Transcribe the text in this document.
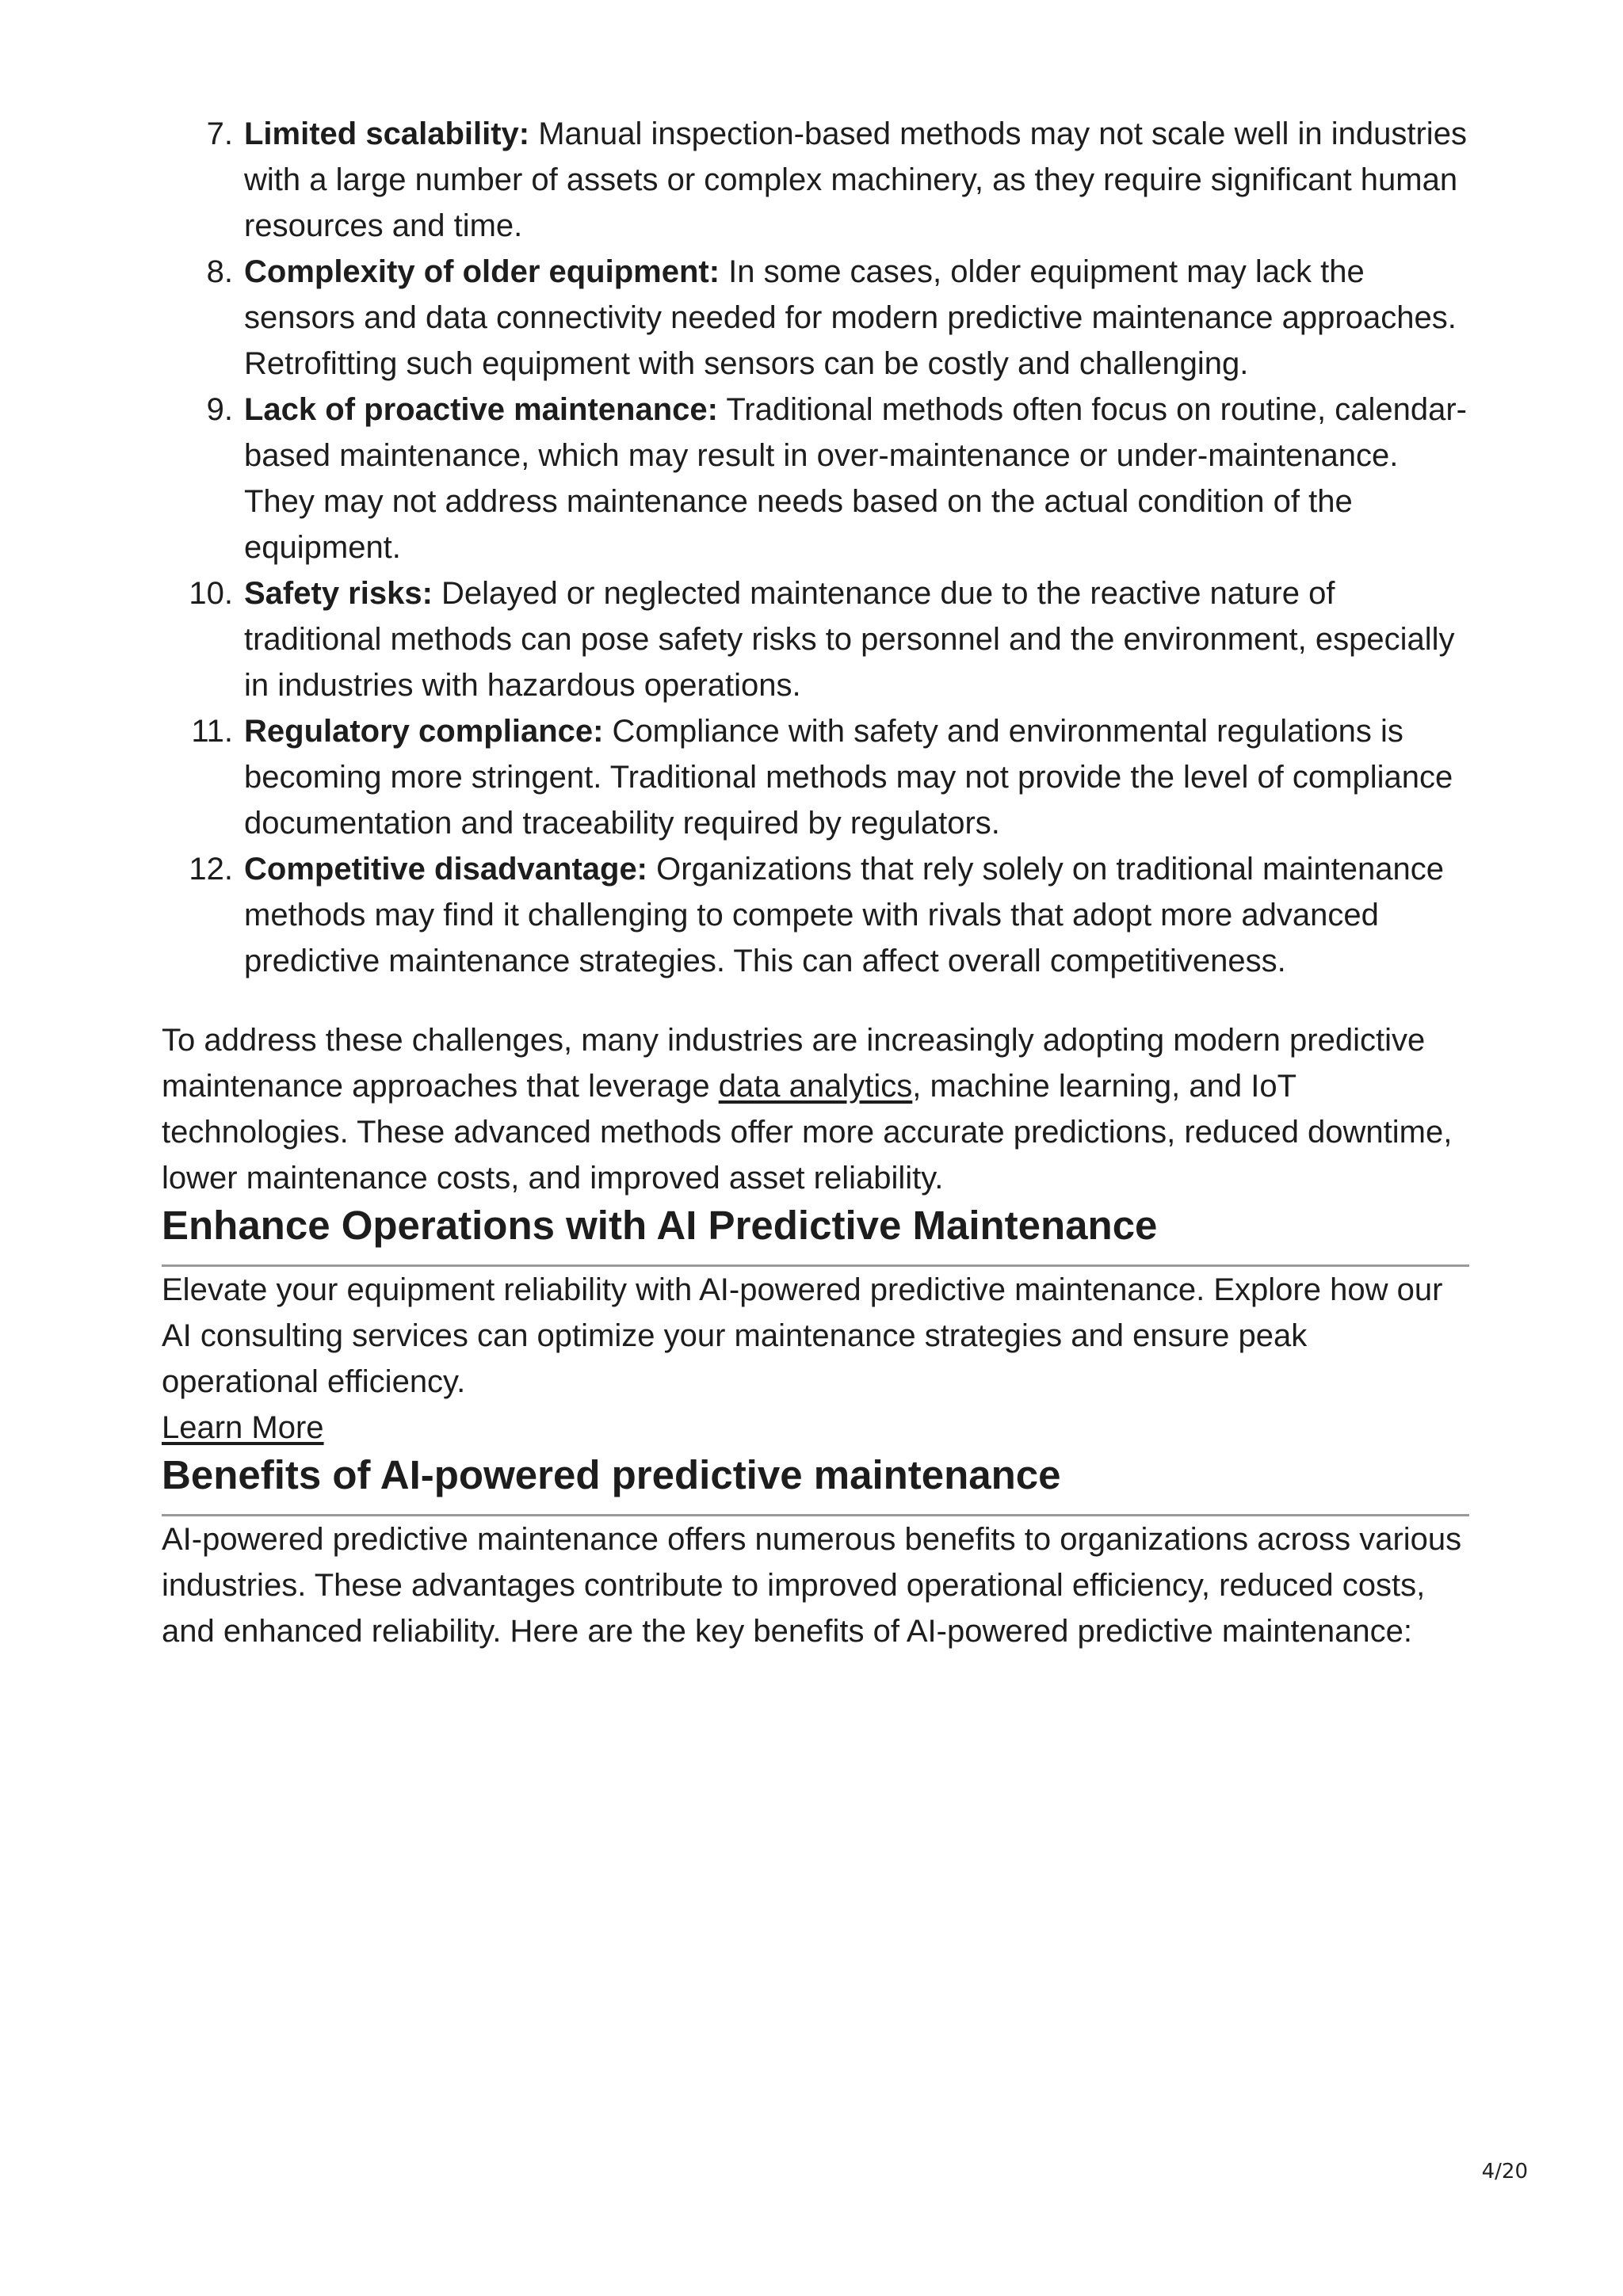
7. Limited scalability: Manual inspection-based methods may not scale well in industries with a large number of assets or complex machinery, as they require significant human resources and time.
8. Complexity of older equipment: In some cases, older equipment may lack the sensors and data connectivity needed for modern predictive maintenance approaches. Retrofitting such equipment with sensors can be costly and challenging.
9. Lack of proactive maintenance: Traditional methods often focus on routine, calendar-based maintenance, which may result in over-maintenance or under-maintenance. They may not address maintenance needs based on the actual condition of the equipment.
10. Safety risks: Delayed or neglected maintenance due to the reactive nature of traditional methods can pose safety risks to personnel and the environment, especially in industries with hazardous operations.
11. Regulatory compliance: Compliance with safety and environmental regulations is becoming more stringent. Traditional methods may not provide the level of compliance documentation and traceability required by regulators.
12. Competitive disadvantage: Organizations that rely solely on traditional maintenance methods may find it challenging to compete with rivals that adopt more advanced predictive maintenance strategies. This can affect overall competitiveness.

To address these challenges, many industries are increasingly adopting modern predictive maintenance approaches that leverage data analytics, machine learning, and IoT technologies. These advanced methods offer more accurate predictions, reduced downtime, lower maintenance costs, and improved asset reliability.

Enhance Operations with AI Predictive Maintenance

Elevate your equipment reliability with AI-powered predictive maintenance. Explore how our AI consulting services can optimize your maintenance strategies and ensure peak operational efficiency.

Learn More
Benefits of AI-powered predictive maintenance

AI-powered predictive maintenance offers numerous benefits to organizations across various industries. These advantages contribute to improved operational efficiency, reduced costs, and enhanced reliability. Here are the key benefits of AI-powered predictive maintenance:

4/20
